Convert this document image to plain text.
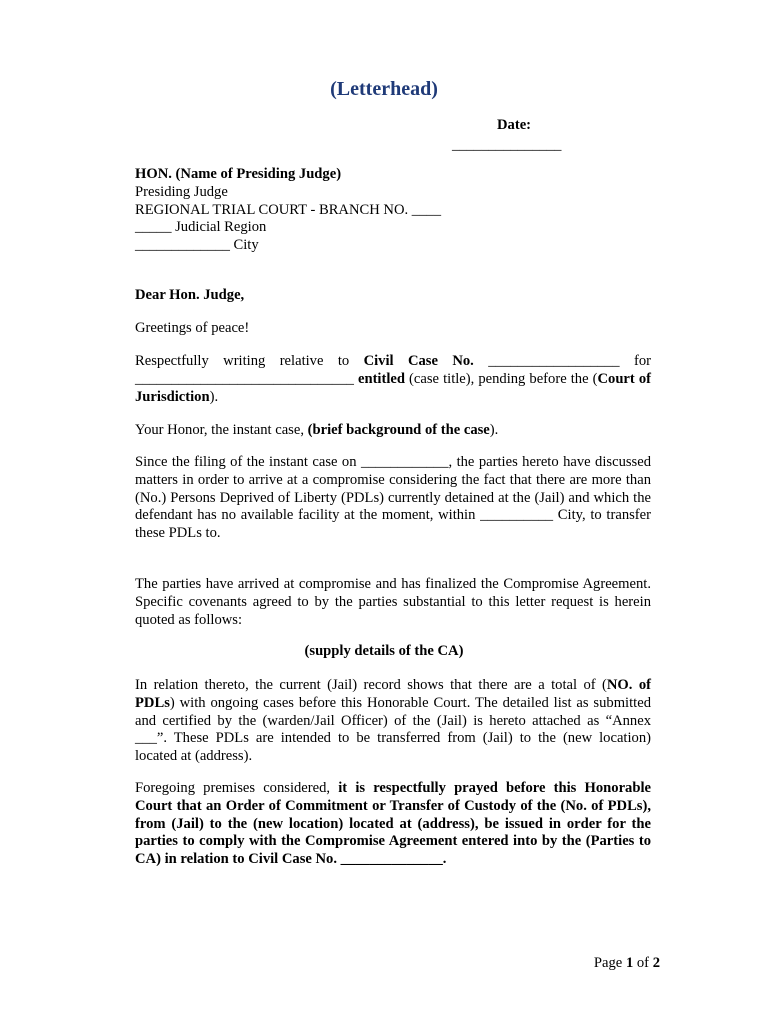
(Letterhead)
Date:
_______________
HON. (Name of Presiding Judge)
Presiding Judge
REGIONAL TRIAL COURT - BRANCH NO. ____
_____ Judicial Region
_____________ City
Dear Hon. Judge,
Greetings of peace!
Respectfully writing relative to Civil Case No. __________________ for ______________________________ entitled (case title), pending before the (Court of Jurisdiction).
Your Honor, the instant case, (brief background of the case).
Since the filing of the instant case on ____________, the parties hereto have discussed matters in order to arrive at a compromise considering the fact that there are more than (No.) Persons Deprived of Liberty (PDLs) currently detained at the (Jail) and which the defendant has no available facility at the moment, within __________ City, to transfer these PDLs to.
The parties have arrived at compromise and has finalized the Compromise Agreement. Specific covenants agreed to by the parties substantial to this letter request is herein quoted as follows:
(supply details of the CA)
In relation thereto, the current (Jail) record shows that there are a total of (NO. of PDLs) with ongoing cases before this Honorable Court. The detailed list as submitted and certified by the (warden/Jail Officer) of the (Jail) is hereto attached as “Annex ___”. These PDLs are intended to be transferred from (Jail) to the (new location) located at (address).
Foregoing premises considered, it is respectfully prayed before this Honorable Court that an Order of Commitment or Transfer of Custody of the (No. of PDLs), from (Jail) to the (new location) located at (address), be issued in order for the parties to comply with the Compromise Agreement entered into by the (Parties to CA) in relation to Civil Case No. ______________.
Page 1 of 2
